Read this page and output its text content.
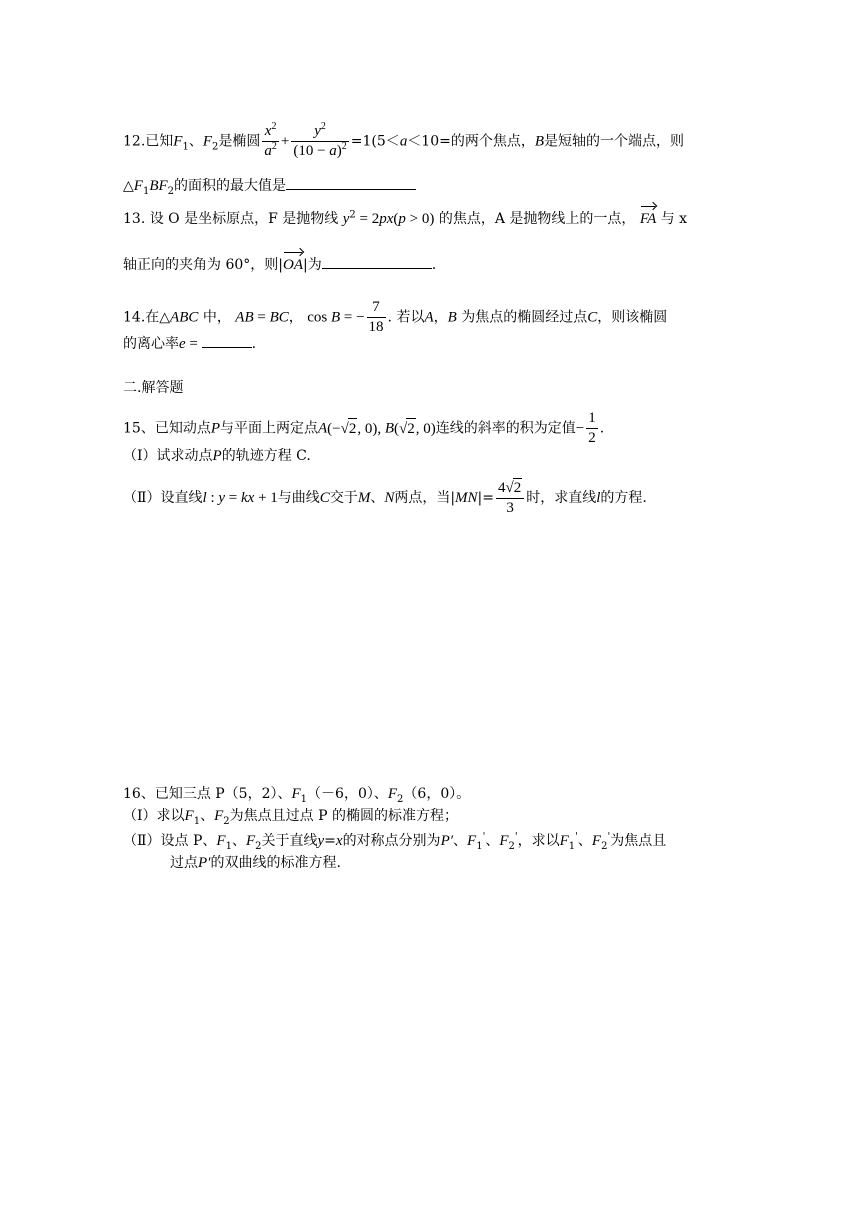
12.已知$F_1$、$F_2$是椭圆 $\frac{x^2}{a^2} + \frac{y^2}{(10 - a)^2} =1(5<a<10=$的两个焦点，B是短轴的一个端点，则
$\triangle F_1BF_2$的面积的最大值是
13. 设 O 是坐标原点，F 是抛物线 $y^2 = 2px(p > 0)$ 的焦点，A 是抛物线上的一点， FA 与 x
轴正向的夹角为 60°，则|OA|为	.
14.在△ABC 中， AB = BC， cos B = − $\frac{7}{18}$ . 若以A，B 为焦点的椭圆经过点C，则该椭圆
的离心率e =	.
二.解答题
15、已知动点P与平面上两定点A(−√2, 0), B(√2, 0)连线的斜率的积为定值− $\frac{1}{2}$ .
（Ⅰ）试求动点P的轨迹方程 C.
（Ⅱ）设直线l : y = kx + 1与曲线C交于M、N两点，当$|MN|= \frac{4√2}{3}$ 时，求直线l的方程.
16、已知三点 P（5，2）、$F_1(-6$，0）、$F_2(6$，0）。
（Ⅰ）求以$F_1$、$F_2$为焦点且过点 P 的椭圆的标准方程；
（Ⅱ）设点 P、$F_1$、$F_2$关于直线y=x的对称点分别为P′、$F_1'$、$F_2'$，求以$F_1'$、$F_2'$为焦点且
过点P′的双曲线的标准方程.
